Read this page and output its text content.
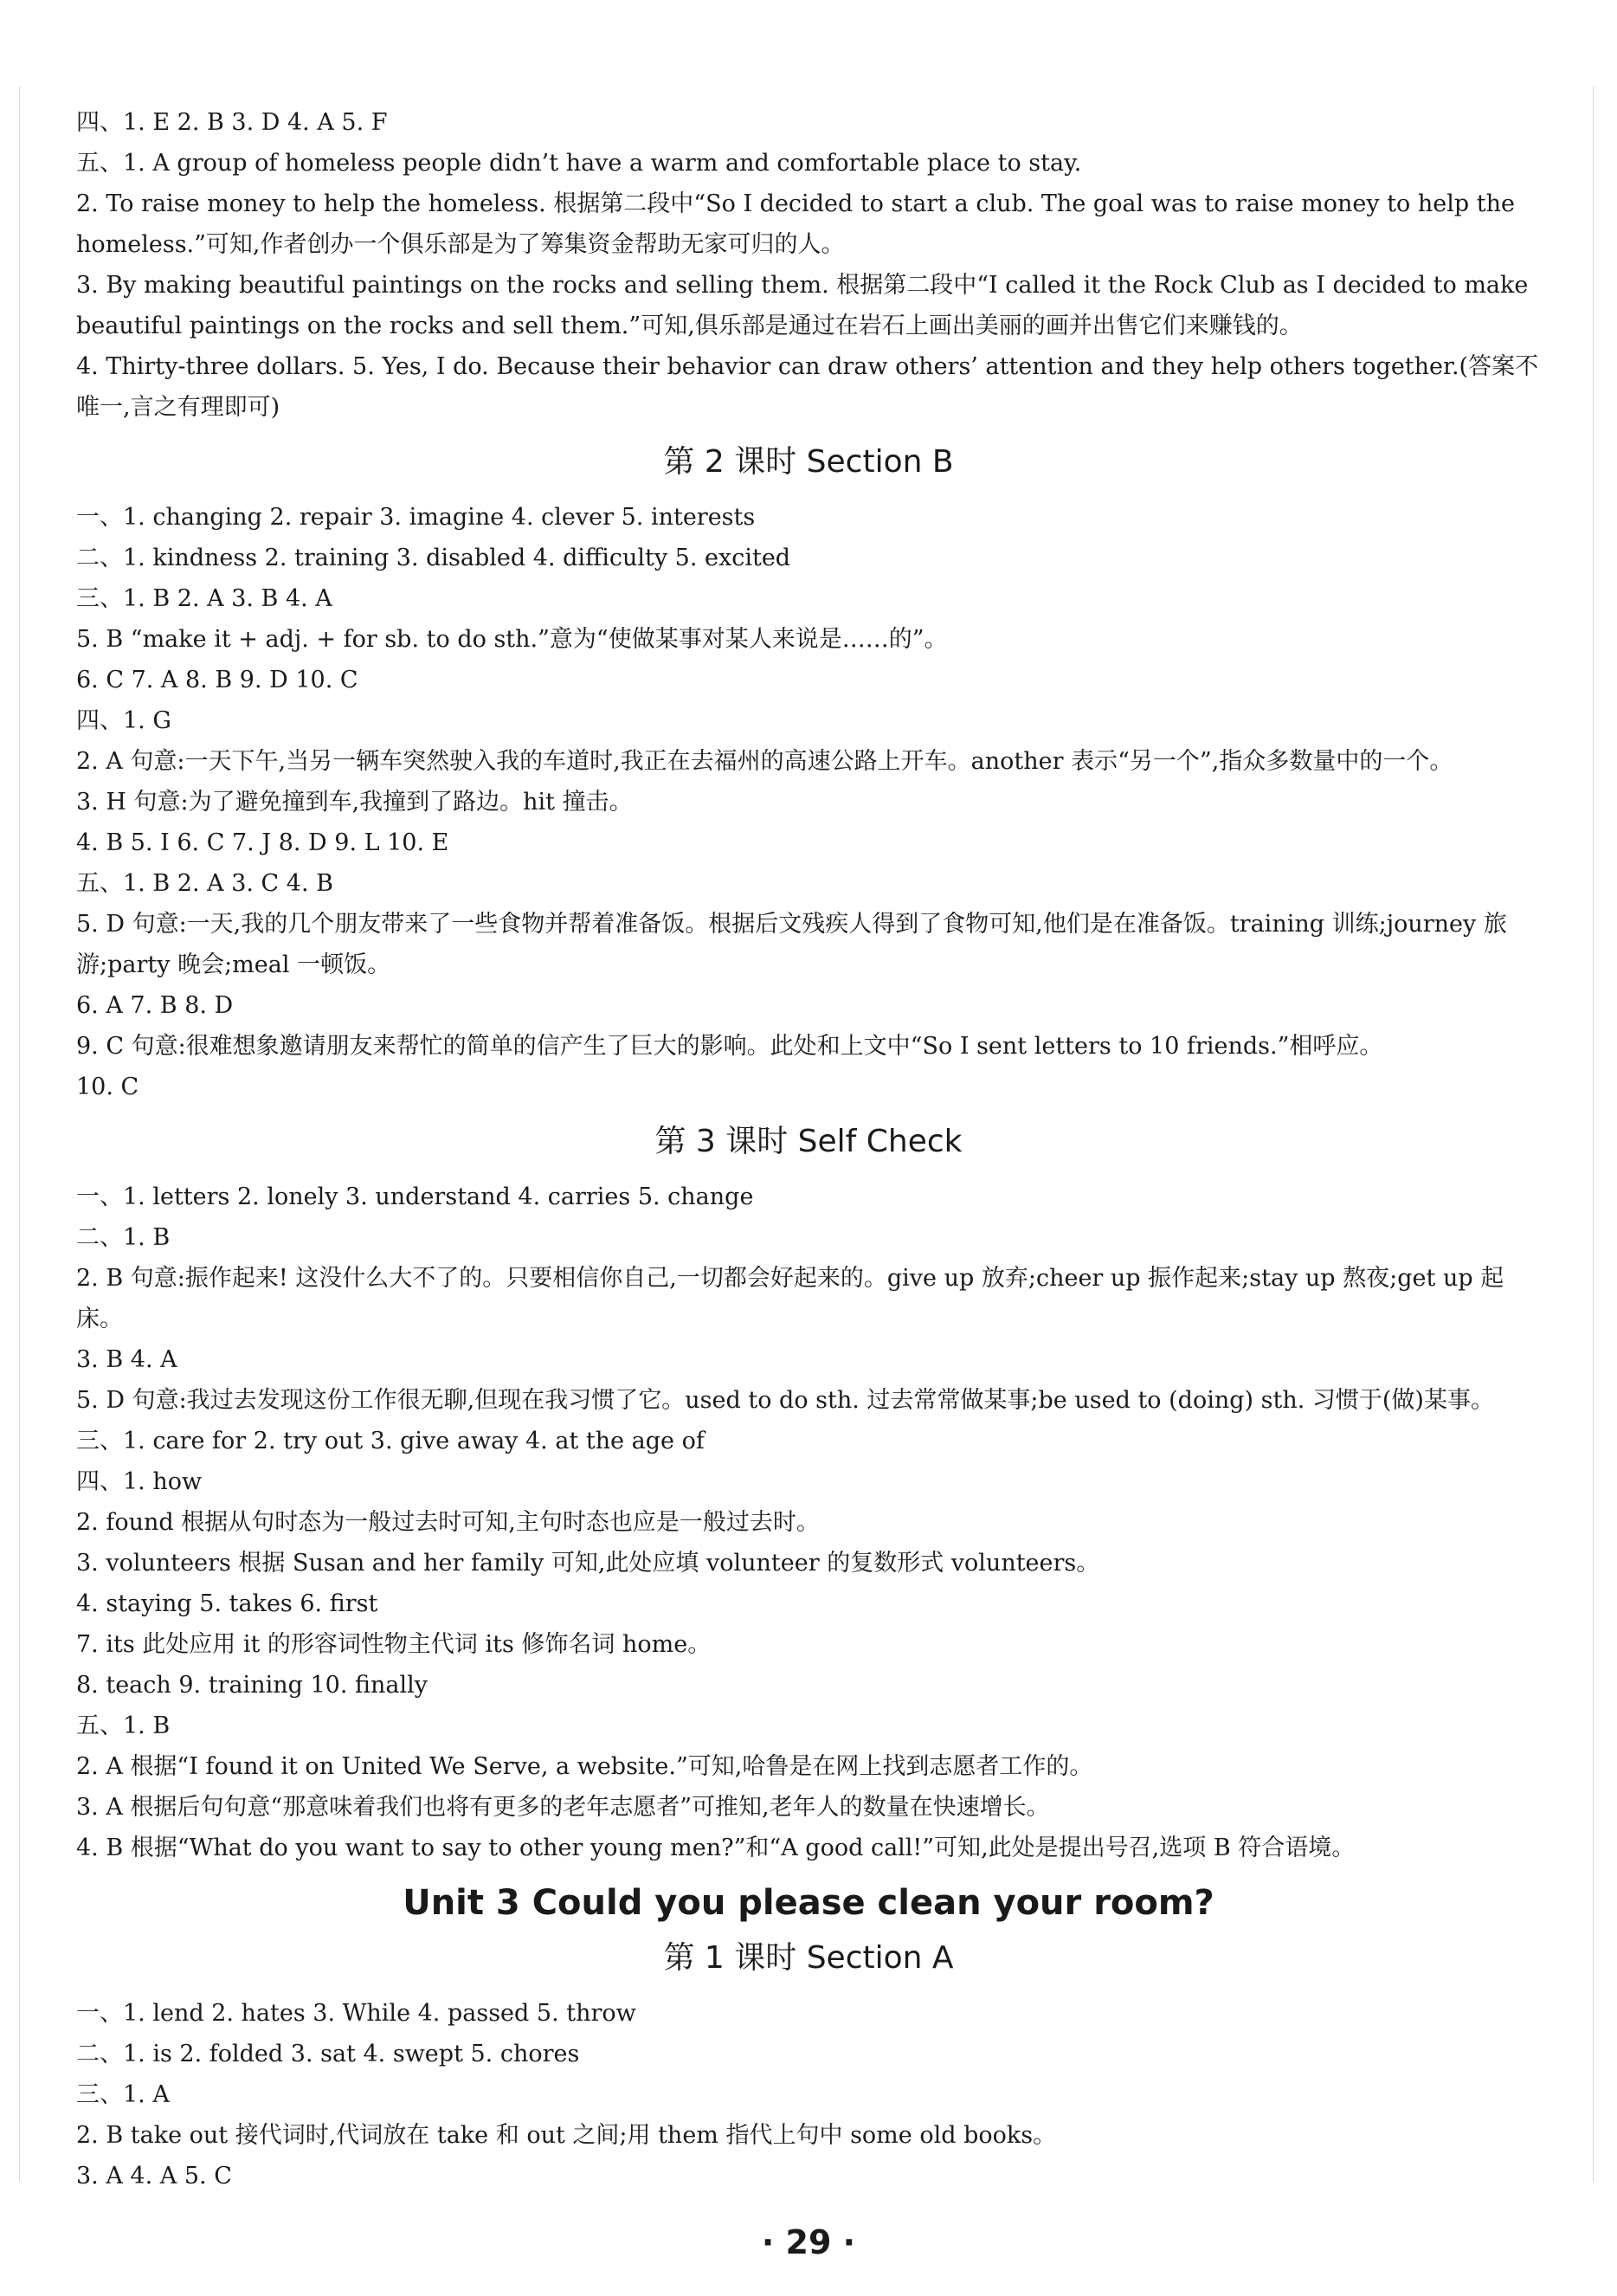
四、1. E 2. B 3. D 4. A 5. F
五、1. A group of homeless people didn’t have a warm and comfortable place to stay.
2. To raise money to help the homeless. 根据第二段中“So I decided to start a club. The goal was to raise money to help the homeless.”可知,作者创办一个俱乐部是为了筹集资金帮助无家可归的人。
3. By making beautiful paintings on the rocks and selling them. 根据第二段中“I called it the Rock Club as I decided to make beautiful paintings on the rocks and sell them.”可知,俱乐部是通过在岩石上画出美丽的画并出售它们来赚钱的。
4. Thirty-three dollars. 5. Yes, I do. Because their behavior can draw others’ attention and they help others together.(答案不唯一,言之有理即可)
第 2 课时 Section B
一、1. changing 2. repair 3. imagine 4. clever 5. interests
二、1. kindness 2. training 3. disabled 4. difficulty 5. excited
三、1. B 2. A 3. B 4. A
5. B “make it + adj. + for sb. to do sth.”意为“使做某事对某人来说是……的”。
6. C 7. A 8. B 9. D 10. C
四、1. G
2. A 句意:一天下午,当另一辆车突然驶入我的车道时,我正在去福州的高速公路上开车。another 表示“另一个”,指众多数量中的一个。
3. H 句意:为了避免撞到车,我撞到了路边。hit 撞击。
4. B 5. I 6. C 7. J 8. D 9. L 10. E
五、1. B 2. A 3. C 4. B
5. D 句意:一天,我的几个朋友带来了一些食物并帮着准备饭。根据后文残疾人得到了食物可知,他们是在准备饭。training 训练;journey 旅游;party 晚会;meal 一顿饭。
6. A 7. B 8. D
9. C 句意:很难想象邀请朋友来帮忙的简单的信产生了巨大的影响。此处和上文中“So I sent letters to 10 friends.”相呼应。
10. C
第 3 课时 Self Check
一、1. letters 2. lonely 3. understand 4. carries 5. change
二、1. B
2. B 句意:振作起来! 这没什么大不了的。只要相信你自己,一切都会好起来的。give up 放弃;cheer up 振作起来;stay up 熬夜;get up 起床。
3. B 4. A
5. D 句意:我过去发现这份工作很无聊,但现在我习惯了它。used to do sth. 过去常常做某事;be used to (doing) sth. 习惯于(做)某事。
三、1. care for 2. try out 3. give away 4. at the age of
四、1. how
2. found 根据从句时态为一般过去时可知,主句时态也应是一般过去时。
3. volunteers 根据 Susan and her family 可知,此处应填 volunteer 的复数形式 volunteers。
4. staying 5. takes 6. first
7. its 此处应用 it 的形容词性物主代词 its 修饰名词 home。
8. teach 9. training 10. finally
五、1. B
2. A 根据“I found it on United We Serve, a website.”可知,哈鲁是在网上找到志愿者工作的。
3. A 根据后句句意“那意味着我们也将有更多的老年志愿者”可推知,老年人的数量在快速增长。
4. B 根据“What do you want to say to other young men?”和“A good call!”可知,此处是提出号召,选项 B 符合语境。
Unit 3 Could you please clean your room?
第 1 课时 Section A
一、1. lend 2. hates 3. While 4. passed 5. throw
二、1. is 2. folded 3. sat 4. swept 5. chores
三、1. A
2. B take out 接代词时,代词放在 take 和 out 之间;用 them 指代上句中 some old books。
3. A 4. A 5. C
· 29 ·
